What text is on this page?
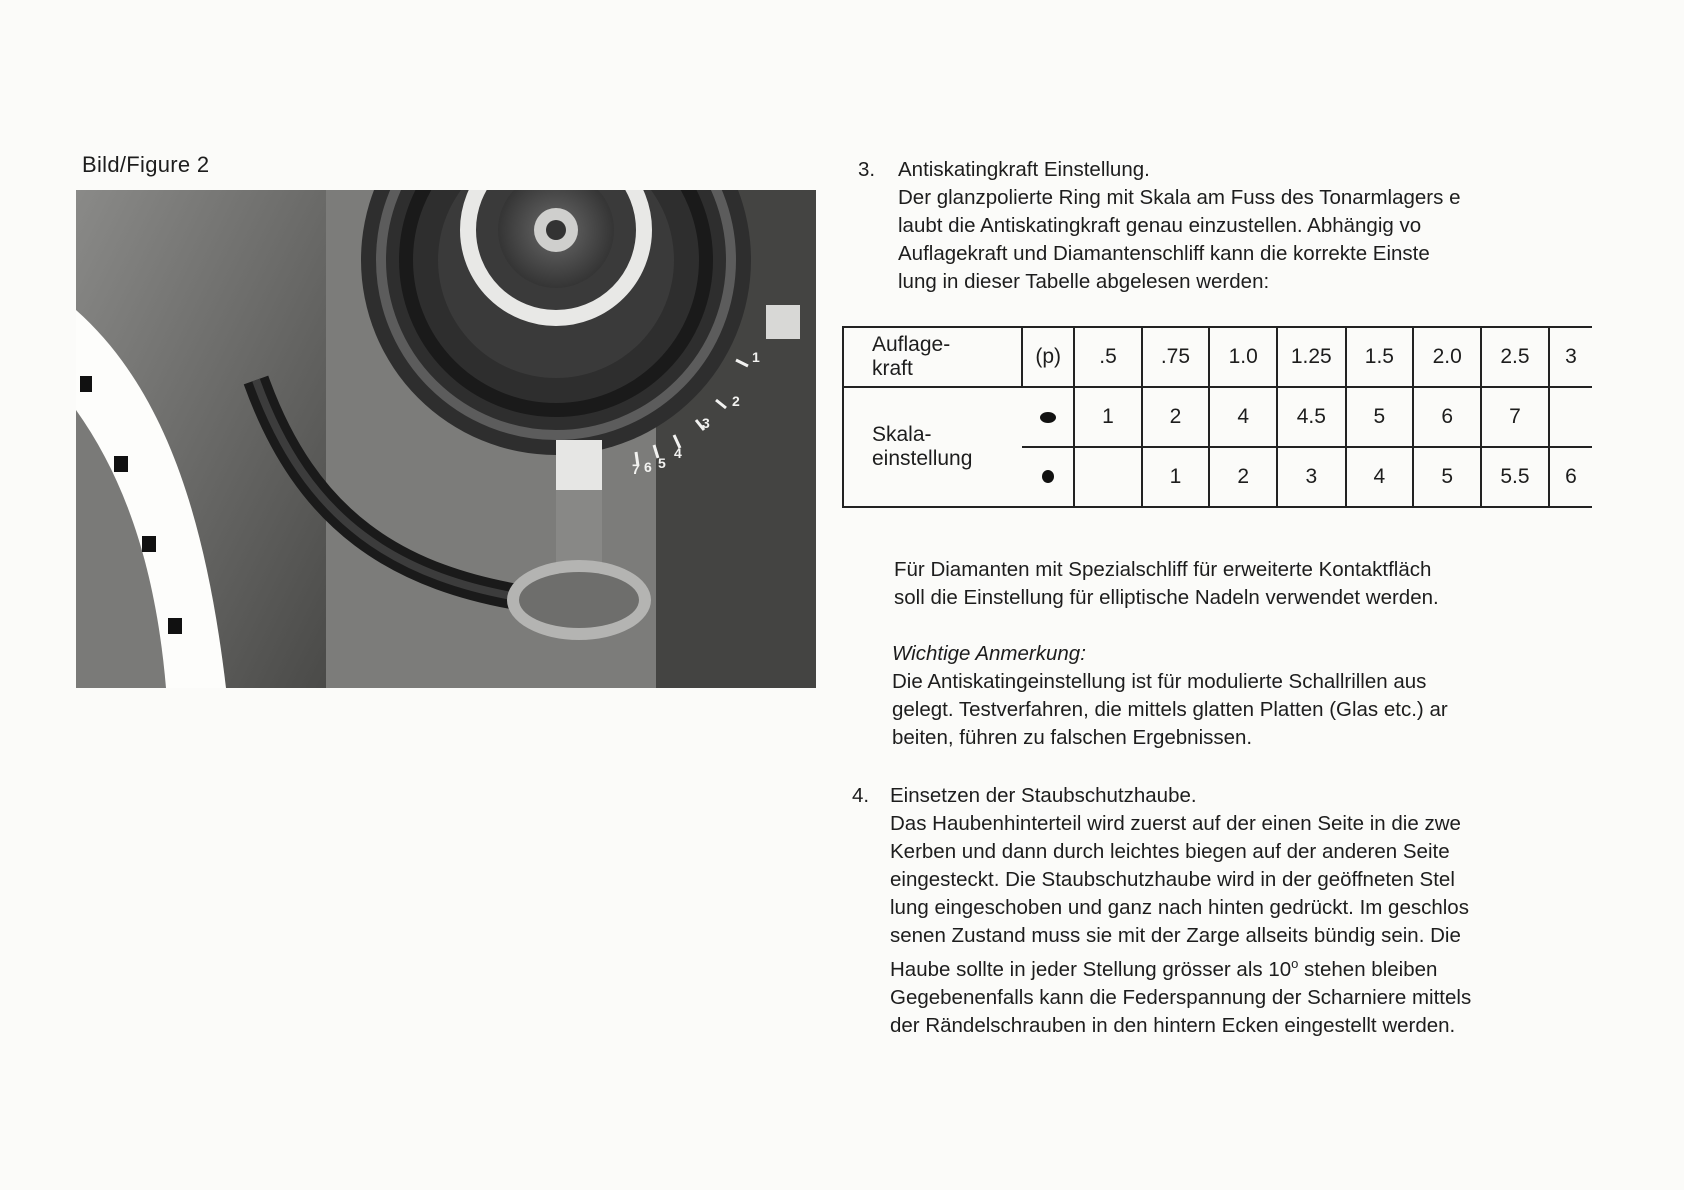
Bild/Figure 2
1
2
3
4
5
6
7
3. Antiskatingkraft Einstellung.
Der glanzpolierte Ring mit Skala am Fuss des Tonarmlagers e
laubt die Antiskatingkraft genau einzustellen. Abhängig vo
Auflagekraft und Diamantenschliff kann die korrekte Einste
lung in dieser Tabelle abgelesen werden:
Auflage-
kraft	(p)	.5	.75	1.0	1.25	1.5	2.0	2.5	3
Skala-
einstellung		1	2	4	4.5	5	6	7	
			1	2	3	4	5	5.5	6
Für Diamanten mit Spezialschliff für erweiterte Kontaktfläch
soll die Einstellung für elliptische Nadeln verwendet werden.
Wichtige Anmerkung:
Die Antiskatingeinstellung ist für modulierte Schallrillen aus
gelegt. Testverfahren, die mittels glatten Platten (Glas etc.) ar
beiten, führen zu falschen Ergebnissen.
4. Einsetzen der Staubschutzhaube.
Das Haubenhinterteil wird zuerst auf der einen Seite in die zwe
Kerben und dann durch leichtes biegen auf der anderen Seite
eingesteckt. Die Staubschutzhaube wird in der geöffneten Stel
lung eingeschoben und ganz nach hinten gedrückt. Im geschlos
senen Zustand muss sie mit der Zarge allseits bündig sein. Die
Haube sollte in jeder Stellung grösser als 10$^o$ stehen bleiben
Gegebenenfalls kann die Federspannung der Scharniere mittels
der Rändelschrauben in den hintern Ecken eingestellt werden.
